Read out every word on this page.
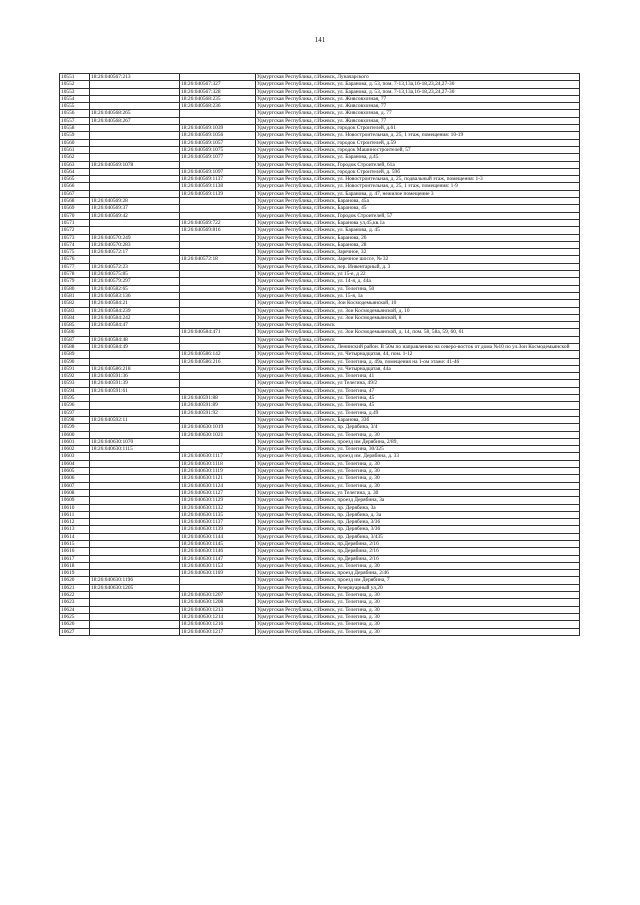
141
10551	18:26:040567:213		Удмуртская Республика, г.Ижевск, Луначарского
10552		18:26:040567:327	Удмуртская Республика, г.Ижевск, ул. Баранова, д. 53, пом. 7-13,13а,16-18,23,24,27-30
10553		18:26:040567:328	Удмуртская Республика, г.Ижевск, ул. Баранова, д. 53, пом. 7-13,13а,16-18,23,24,27-30
10554		18:26:040568:235	Удмуртская Республика, г.Ижевск, ул. Живсовхозная, 77
10555		18:26:040568:236	Удмуртская Республика, г.Ижевск, ул. Живсовхозная, 77
10556	18:26:040568:265		Удмуртская Республика, г.Ижевск, ул. Живсовхозная, д. 77
10557	18:26:040568:267		Удмуртская Республика, г.Ижевск, ул. Живсовхозная, 77
10558		18:26:040569:1039	Удмуртская Республика, г.Ижевск, городок Строителей, д.61
10559		18:26:040569:1056	Удмуртская Республика, г.Ижевск, ул. Новостроительная, д. 25, 1 этаж, помещения: 10-19
10560		18:26:040569:1057	Удмуртская Республика, г.Ижевск, городок Строителей, д.59
10561		18:26:040569:1075	Удмуртская Республика, г.Ижевск, городок Машиностроителей, 57
10562		18:26:040569:1077	Удмуртская Республика, г.Ижевск, ул. Баранова, д.45
10563	18:26:040569:1078		Удмуртская Республика, г.Ижевск, Городок Строителей, 61а
10564		18:26:040569:1097	Удмуртская Республика, г.Ижевск, городок Строителей, д. 59б
10565		18:26:040569:1137	Удмуртская Республика, г.Ижевск, ул. Новостроительная, д. 25, подвальный этаж, помещения: 1-3
10566		18:26:040569:1138	Удмуртская Республика, г.Ижевск, ул. Новостроительная, д. 25, 1 этаж, помещения: 1-9
10567		18:26:040569:1139	Удмуртская Республика, г.Ижевск, ул. Баранова, д. 47, нежилое помещение 3
10568	18:26:040569:28		Удмуртская Республика, г.Ижевск, Баранова, 45а
10569	18:26:040569:37		Удмуртская Республика, г.Ижевск, Баранова, 45
10570	18:26:040569:42		Удмуртская Республика, г.Ижевск, Городок Строителей, 57
10571		18:26:040569:722	Удмуртская Республика, г.Ижевск, Баранова ул,45,кв.1а
10572		18:26:040569:816	Удмуртская Республика, г.Ижевск, ул. Баранова, д. 45
10573	18:26:040570:249		Удмуртская Республика, г.Ижевск, Баранова, 26
10574	18:26:040570:283		Удмуртская Республика, г.Ижевск, Баранова, 28
10575	18:26:040572:17		Удмуртская Республика, г.Ижевск, Заречное, 32
10576		18:26:040572:18	Удмуртская Республика, г.Ижевск, Заречное шоссе, № 32
10577	18:26:040572:23		Удмуртская Республика, г.Ижевск, пер. Инвентарный, д. 3
10578	18:26:040575:85		Удмуртская Республика, г.Ижевск, ул 15-е, д 22
10579	18:26:040579:297		Удмуртская Республика, г.Ижевск, ул. 14-я, д. 44а
10580	18:26:040582:65		Удмуртская Республика, г.Ижевск, ул. Телегина, 50
10581	18:26:040583:136		Удмуртская Республика, г.Ижевск, ул. 15-я, 1а
10582	18:26:040584:21		Удмуртская Республика, г.Ижевск, Зои Космодемьянской, 10
10583	18:26:040584:239		Удмуртская Республика, г.Ижевск, ул. Зои Космодемьянской, д. 10
10584	18:26:040584:242		Удмуртская Республика, г.Ижевск, ул. Зои Космодемьянской, 8
10585	18:26:040584:47		Удмуртская Республика, г.Ижевск
10586		18:26:040584:471	Удмуртская Республика, г.Ижевск, ул. Зои Космодемьянской, д. 14, пом. 58, 58а, 59, 60, 61
10587	18:26:040584:48		Удмуртская Республика, г.Ижевск
10588	18:26:040584:49		Удмуртская Республика, г.Ижевск, Ленинский район. В 50м по направлению на северо-восток от дома №10 по ул.Зои Космодемьянской
10589		18:26:040586:142	Удмуртская Республика, г.Ижевск, ул. Четырнадцатая, 44, пом. 1-12
10590		18:26:040586:216	Удмуртская Республика, г.Ижевск, ул. Телегина, д. 49а, помещения на 1-ом этаже: 41-46
10591	18:26:040586:218		Удмуртская Республика, г.Ижевск, ул. Четырнадцатая, 44а
10592	18:26:040591:36		Удмуртская Республика, г.Ижевск, ул. Телегина, 41
10593	18:26:040591:39		Удмуртская Республика, г.Ижевск, ул Телегина, 49/2
10594	18:26:040591:61		Удмуртская Республика, г.Ижевск, ул. Телегина, 47
10595		18:26:040591:88	Удмуртская Республика, г.Ижевск, ул. Телегина, 45
10596		18:26:040591:89	Удмуртская Республика, г.Ижевск, ул. Телегина, 45
10597		18:26:040591:92	Удмуртская Республика, г.Ижевск, ул. Телегина, д.49
10598	18:26:040592:11		Удмуртская Республика, г.Ижевск, Баранова, 33б
10599		18:26:040630:1019	Удмуртская Республика, г.Ижевск, пр. Дерябина, 3/4
10600		18:26:040630:1021	Удмуртская Республика, г.Ижевск, ул. Телегина, д. 30
10601	18:26:040630:1070		Удмуртская Республика, г.Ижевск, проезд им Дерябина, 2/89,
10602	18:26:040630:1115		Удмуртская Республика, г.Ижевск, ул. Телегина, 30/325
10603		18:26:040630:1117	Удмуртская Республика, г.Ижевск, проезд им. Дерябина, д. 33
10604		18:26:040630:1118	Удмуртская Республика, г.Ижевск, ул. Телегина, д. 30
10605		18:26:040630:1119	Удмуртская Республика, г.Ижевск, ул. Телегина, д. 30
10606		18:26:040630:1121	Удмуртская Республика, г.Ижевск, ул. Телегина, д. 30
10607		18:26:040630:1124	Удмуртская Республика, г.Ижевск, ул. Телегина, д. 30
10608		18:26:040630:1127	Удмуртская Республика, г.Ижевск, ул Телегина, д. 30
10609		18:26:040630:1129	Удмуртская Республика, г.Ижевск, проезд Дерябина, 3а
10610		18:26:040630:1132	Удмуртская Республика, г.Ижевск, пр. Дерябина, 3а
10611		18:26:040630:1135	Удмуртская Республика, г.Ижевск, пр. Дерябина, д. 3а
10612		18:26:040630:1137	Удмуртская Республика, г.Ижевск, пр. Дерябина, 3/36
10613		18:26:040630:1139	Удмуртская Республика, г.Ижевск, пр. Дерябина, 3/36
10614		18:26:040630:1144	Удмуртская Республика, г.Ижевск, пр. Дерябина, 3/435
10615		18:26:040630:1145	Удмуртская Республика, г.Ижевск, пр.Дерябина, 2/16
10616		18:26:040630:1146	Удмуртская Республика, г.Ижевск, пр.Дерябина, 2/16
10617		18:26:040630:1147	Удмуртская Республика, г.Ижевск, пр.Дерябина, 2/16
10618		18:26:040630:1153	Удмуртская Республика, г.Ижевск, ул. Телегина, д. 30
10619		18:26:040630:1169	Удмуртская Республика, г.Ижевск, проезд Дерябина, 2/46
10620	18:26:040630:1196		Удмуртская Республика, г.Ижевск, проезд им Дерябина, 7
10621	18:26:040630:1205		Удмуртская Республика, г.Ижевск, Резервуарный ул,20
10622		18:26:040630:1207	Удмуртская Республика, г.Ижевск, ул. Телегина, д. 30
10623		18:26:040630:1208	Удмуртская Республика, г.Ижевск, ул. Телегина, д. 30
10624		18:26:040630:1213	Удмуртская Республика, г.Ижевск, ул. Телегина, д. 30
10625		18:26:040630:1214	Удмуртская Республика, г.Ижевск, ул. Телегина, д. 30
10626		18:26:040630:1216	Удмуртская Республика, г.Ижевск, ул. Телегина, д. 30
10627		18:26:040630:1217	Удмуртская Республика, г.Ижевск, ул. Телегина, д. 30
